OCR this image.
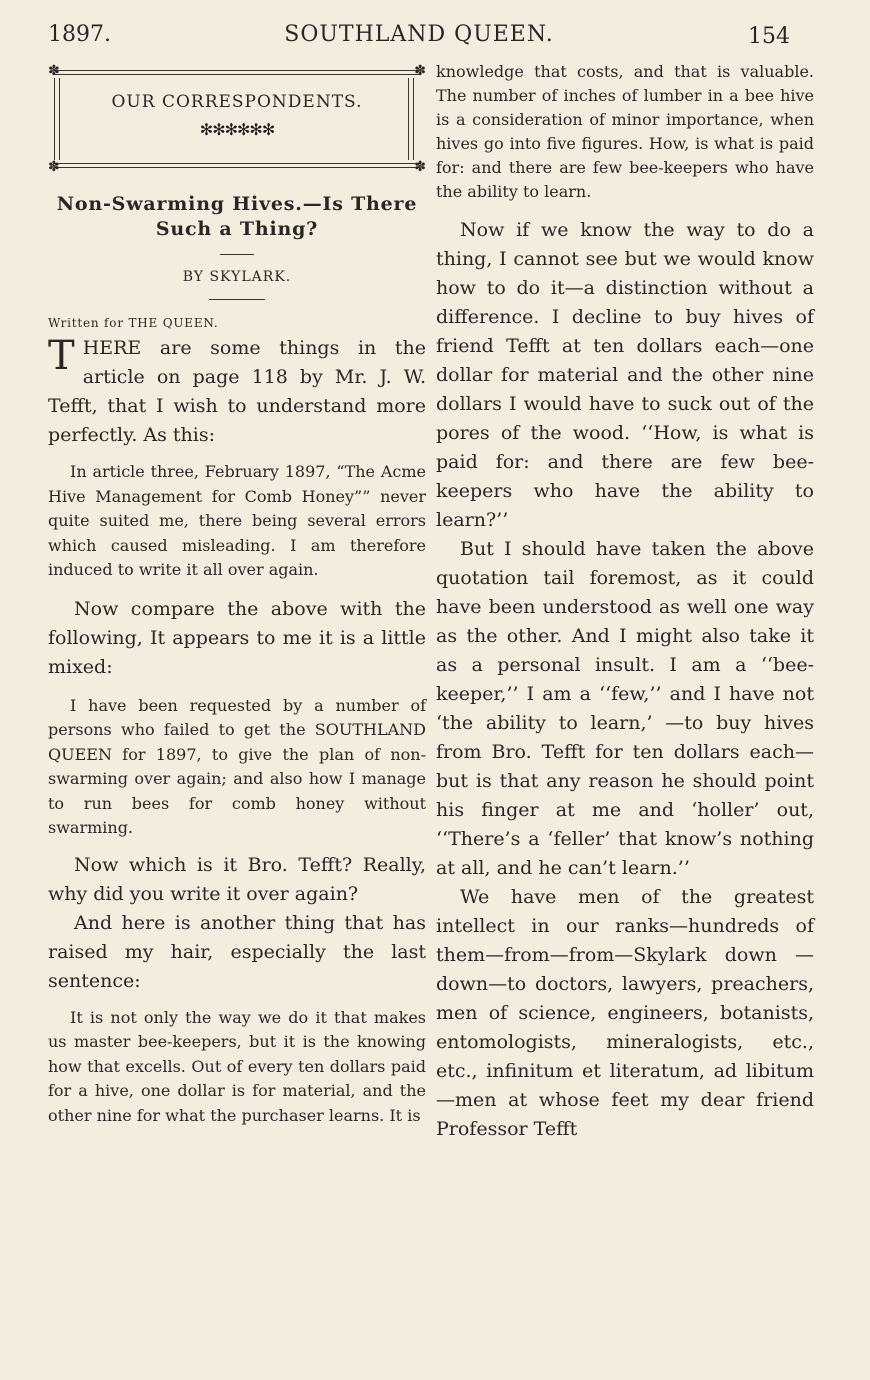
1897.	SOUTHLAND QUEEN.	154
✽	✽
✽	✽
OUR CORRESPONDENTS.
✻✻✻✻✻✻
Non-Swarming Hives.—Is There Such a Thing?
BY SKYLARK.
Written for THE QUEEN.

THERE are some things in the article on page 118 by Mr. J. W. Tefft, that I wish to understand more perfectly. As this:

In article three, February 1897, “The Acme Hive Management for Comb Honey”” never quite suited me, there being several errors which caused misleading. I am therefore induced to write it all over again.

Now compare the above with the following, It appears to me it is a little mixed:

I have been requested by a number of persons who failed to get the SOUTHLAND QUEEN for 1897, to give the plan of non-swarming over again; and also how I manage to run bees for comb honey without swarming.

Now which is it Bro. Tefft? Really, why did you write it over again?

And here is another thing that has raised my hair, especially the last sentence:

It is not only the way we do it that makes us master bee-keepers, but it is the knowing how that excells. Out of every ten dollars paid for a hive, one dollar is for material, and the other nine for what the purchaser learns. It is

knowledge that costs, and that is valuable. The number of inches of lumber in a bee hive is a consideration of minor importance, when hives go into five figures. How, is what is paid for: and there are few bee-keepers who have the ability to learn.

Now if we know the way to do a thing, I cannot see but we would know how to do it—a distinction without a difference. I decline to buy hives of friend Tefft at ten dollars each—one dollar for material and the other nine dollars I would have to suck out of the pores of the wood. ‘‘How, is what is paid for: and there are few bee-keepers who have the ability to learn?’’

But I should have taken the above quotation tail foremost, as it could have been understood as well one way as the other. And I might also take it as a personal insult. I am a ‘‘bee-keeper,’’ I am a ‘‘few,’’ and I have not ‘the ability to learn,’ —to buy hives from Bro. Tefft for ten dollars each—but is that any reason he should point his finger at me and ‘holler’ out, ‘‘There’s a ‘feller’ that know’s nothing at all, and he can’t learn.’’

We have men of the greatest intellect in our ranks—hundreds of them—from—from—Skylark down —down—to doctors, lawyers, preachers, men of science, engineers, botanists, entomologists, mineralogists, etc., etc., infinitum et literatum, ad libitum—men at whose feet my dear friend Professor Tefft
